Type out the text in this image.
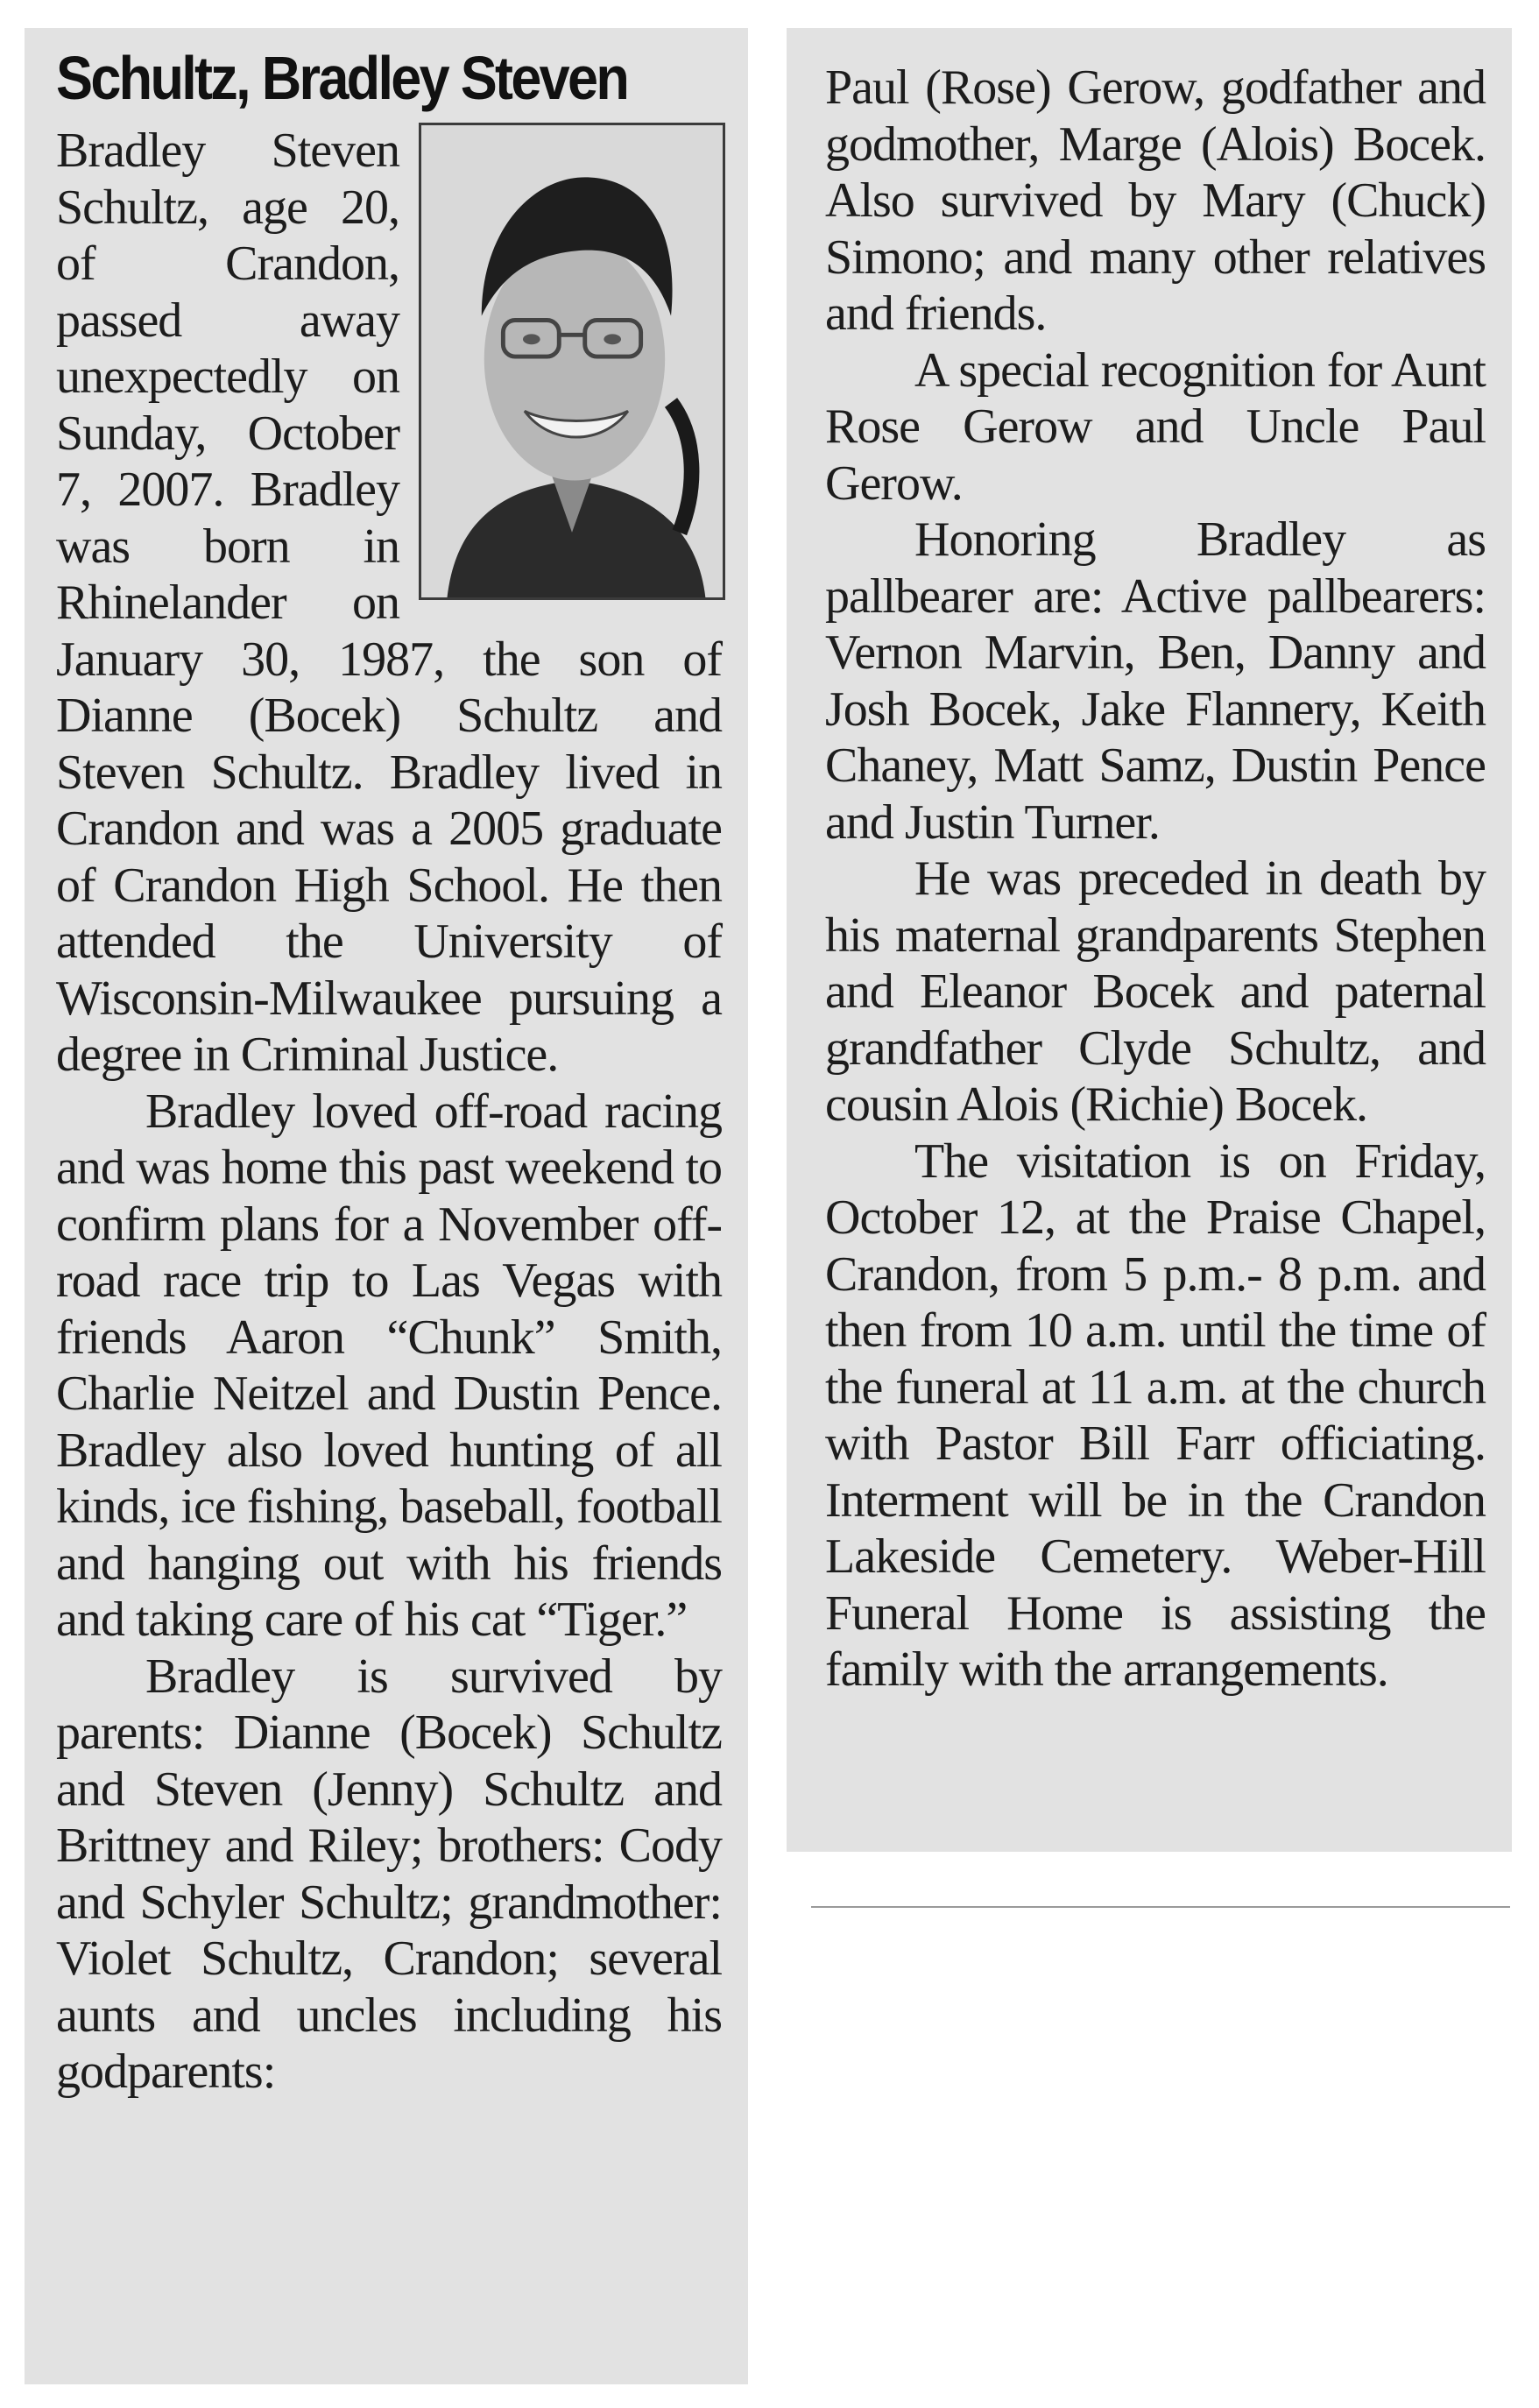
Schultz, Bradley Steven

Bradley Steven Schultz, age 20, of Crandon, passed away unexpectedly on Sunday, October 7, 2007. Bradley was born in Rhinelander on January 30, 1987, the son of Dianne (Bocek) Schultz and Steven Schultz. Bradley lived in Crandon and was a 2005 graduate of Crandon High School. He then attended the University of Wisconsin-Milwaukee pursuing a degree in Criminal Justice.

Bradley loved off-road racing and was home this past weekend to confirm plans for a November off-road race trip to Las Vegas with friends Aaron “Chunk” Smith, Charlie Neitzel and Dustin Pence. Bradley also loved hunting of all kinds, ice fishing, baseball, football and hanging out with his friends and taking care of his cat “Tiger.”

Bradley is survived by parents: Dianne (Bocek) Schultz and Steven (Jenny) Schultz and Brittney and Riley; brothers: Cody and Schyler Schultz; grandmother: Violet Schultz, Crandon; several aunts and uncles including his godparents:

Paul (Rose) Gerow, godfather and godmother, Marge (Alois) Bocek. Also survived by Mary (Chuck) Simono; and many other relatives and friends.

A special recognition for Aunt Rose Gerow and Uncle Paul Gerow.

Honoring Bradley as pallbearer are: Active pallbearers: Vernon Marvin, Ben, Danny and Josh Bocek, Jake Flannery, Keith Chaney, Matt Samz, Dustin Pence and Justin Turner.

He was preceded in death by his maternal grandparents Stephen and Eleanor Bocek and paternal grandfather Clyde Schultz, and cousin Alois (Richie) Bocek.

The visitation is on Friday, October 12, at the Praise Chapel, Crandon, from 5 p.m.- 8 p.m. and then from 10 a.m. until the time of the funeral at 11 a.m. at the church with Pastor Bill Farr officiating. Interment will be in the Crandon Lakeside Cemetery. Weber-Hill Funeral Home is assisting the family with the arrangements.
